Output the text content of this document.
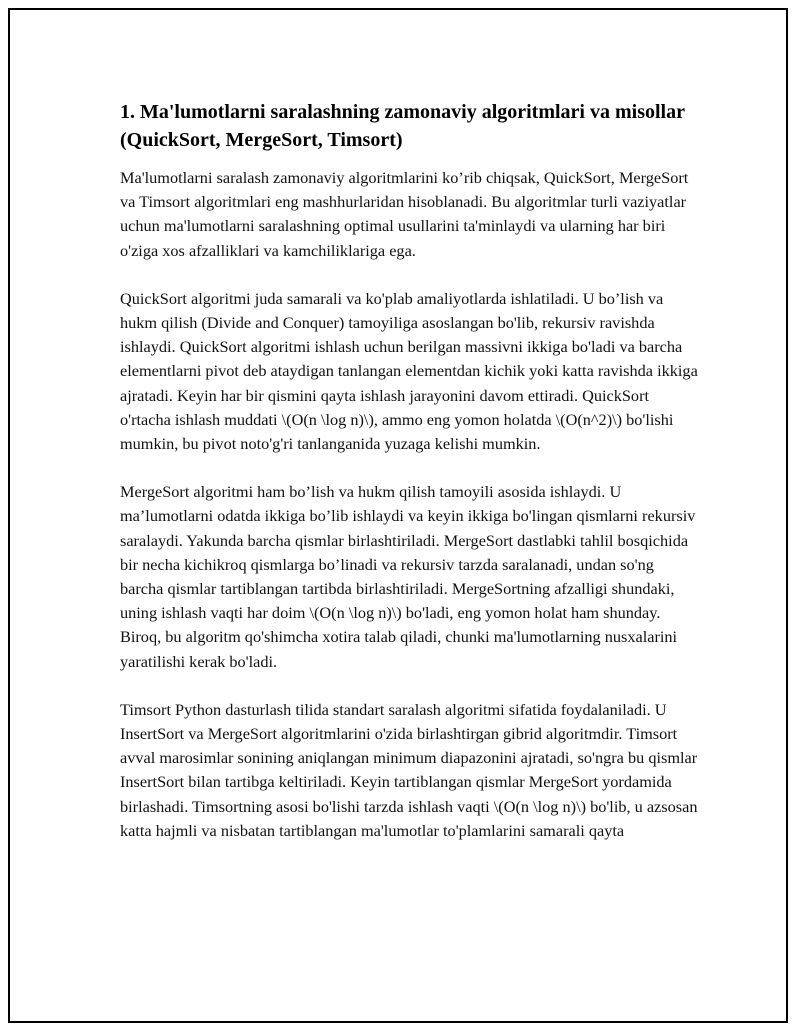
1. Ma'lumotlarni saralashning zamonaviy algoritmlari va misollar (QuickSort, MergeSort, Timsort)

Ma'lumotlarni saralash zamonaviy algoritmlarini ko’rib chiqsak, QuickSort, MergeSort va Timsort algoritmlari eng mashhurlaridan hisoblanadi. Bu algoritmlar turli vaziyatlar uchun ma'lumotlarni saralashning optimal usullarini ta'minlaydi va ularning har biri o'ziga xos afzalliklari va kamchiliklariga ega.

QuickSort algoritmi juda samarali va ko'plab amaliyotlarda ishlatiladi. U bo’lish va hukm qilish (Divide and Conquer) tamoyiliga asoslangan bo'lib, rekursiv ravishda ishlaydi. QuickSort algoritmi ishlash uchun berilgan massivni ikkiga bo'ladi va barcha elementlarni pivot deb ataydigan tanlangan elementdan kichik yoki katta ravishda ikkiga ajratadi. Keyin har bir qismini qayta ishlash jarayonini davom ettiradi. QuickSort o'rtacha ishlash muddati \(O(n \log n)\), ammo eng yomon holatda \(O(n^2)\) bo'lishi mumkin, bu pivot noto'g'ri tanlanganida yuzaga kelishi mumkin.

MergeSort algoritmi ham bo’lish va hukm qilish tamoyili asosida ishlaydi. U ma’lumotlarni odatda ikkiga bo’lib ishlaydi va keyin ikkiga bo'lingan qismlarni rekursiv saralaydi. Yakunda barcha qismlar birlashtiriladi. MergeSort dastlabki tahlil bosqichida bir necha kichikroq qismlarga bo’linadi va rekursiv tarzda saralanadi, undan so'ng barcha qismlar tartiblangan tartibda birlashtiriladi. MergeSortning afzalligi shundaki, uning ishlash vaqti har doim \(O(n \log n)\) bo'ladi, eng yomon holat ham shunday. Biroq, bu algoritm qo'shimcha xotira talab qiladi, chunki ma'lumotlarning nusxalarini yaratilishi kerak bo'ladi.

Timsort Python dasturlash tilida standart saralash algoritmi sifatida foydalaniladi. U InsertSort va MergeSort algoritmlarini o'zida birlashtirgan gibrid algoritmdir. Timsort avval marosimlar sonining aniqlangan minimum diapazonini ajratadi, so'ngra bu qismlar InsertSort bilan tartibga keltiriladi. Keyin tartiblangan qismlar MergeSort yordamida birlashadi. Timsortning asosi bo'lishi tarzda ishlash vaqti \(O(n \log n)\) bo'lib, u azsosan katta hajmli va nisbatan tartiblangan ma'lumotlar to'plamlarini samarali qayta
